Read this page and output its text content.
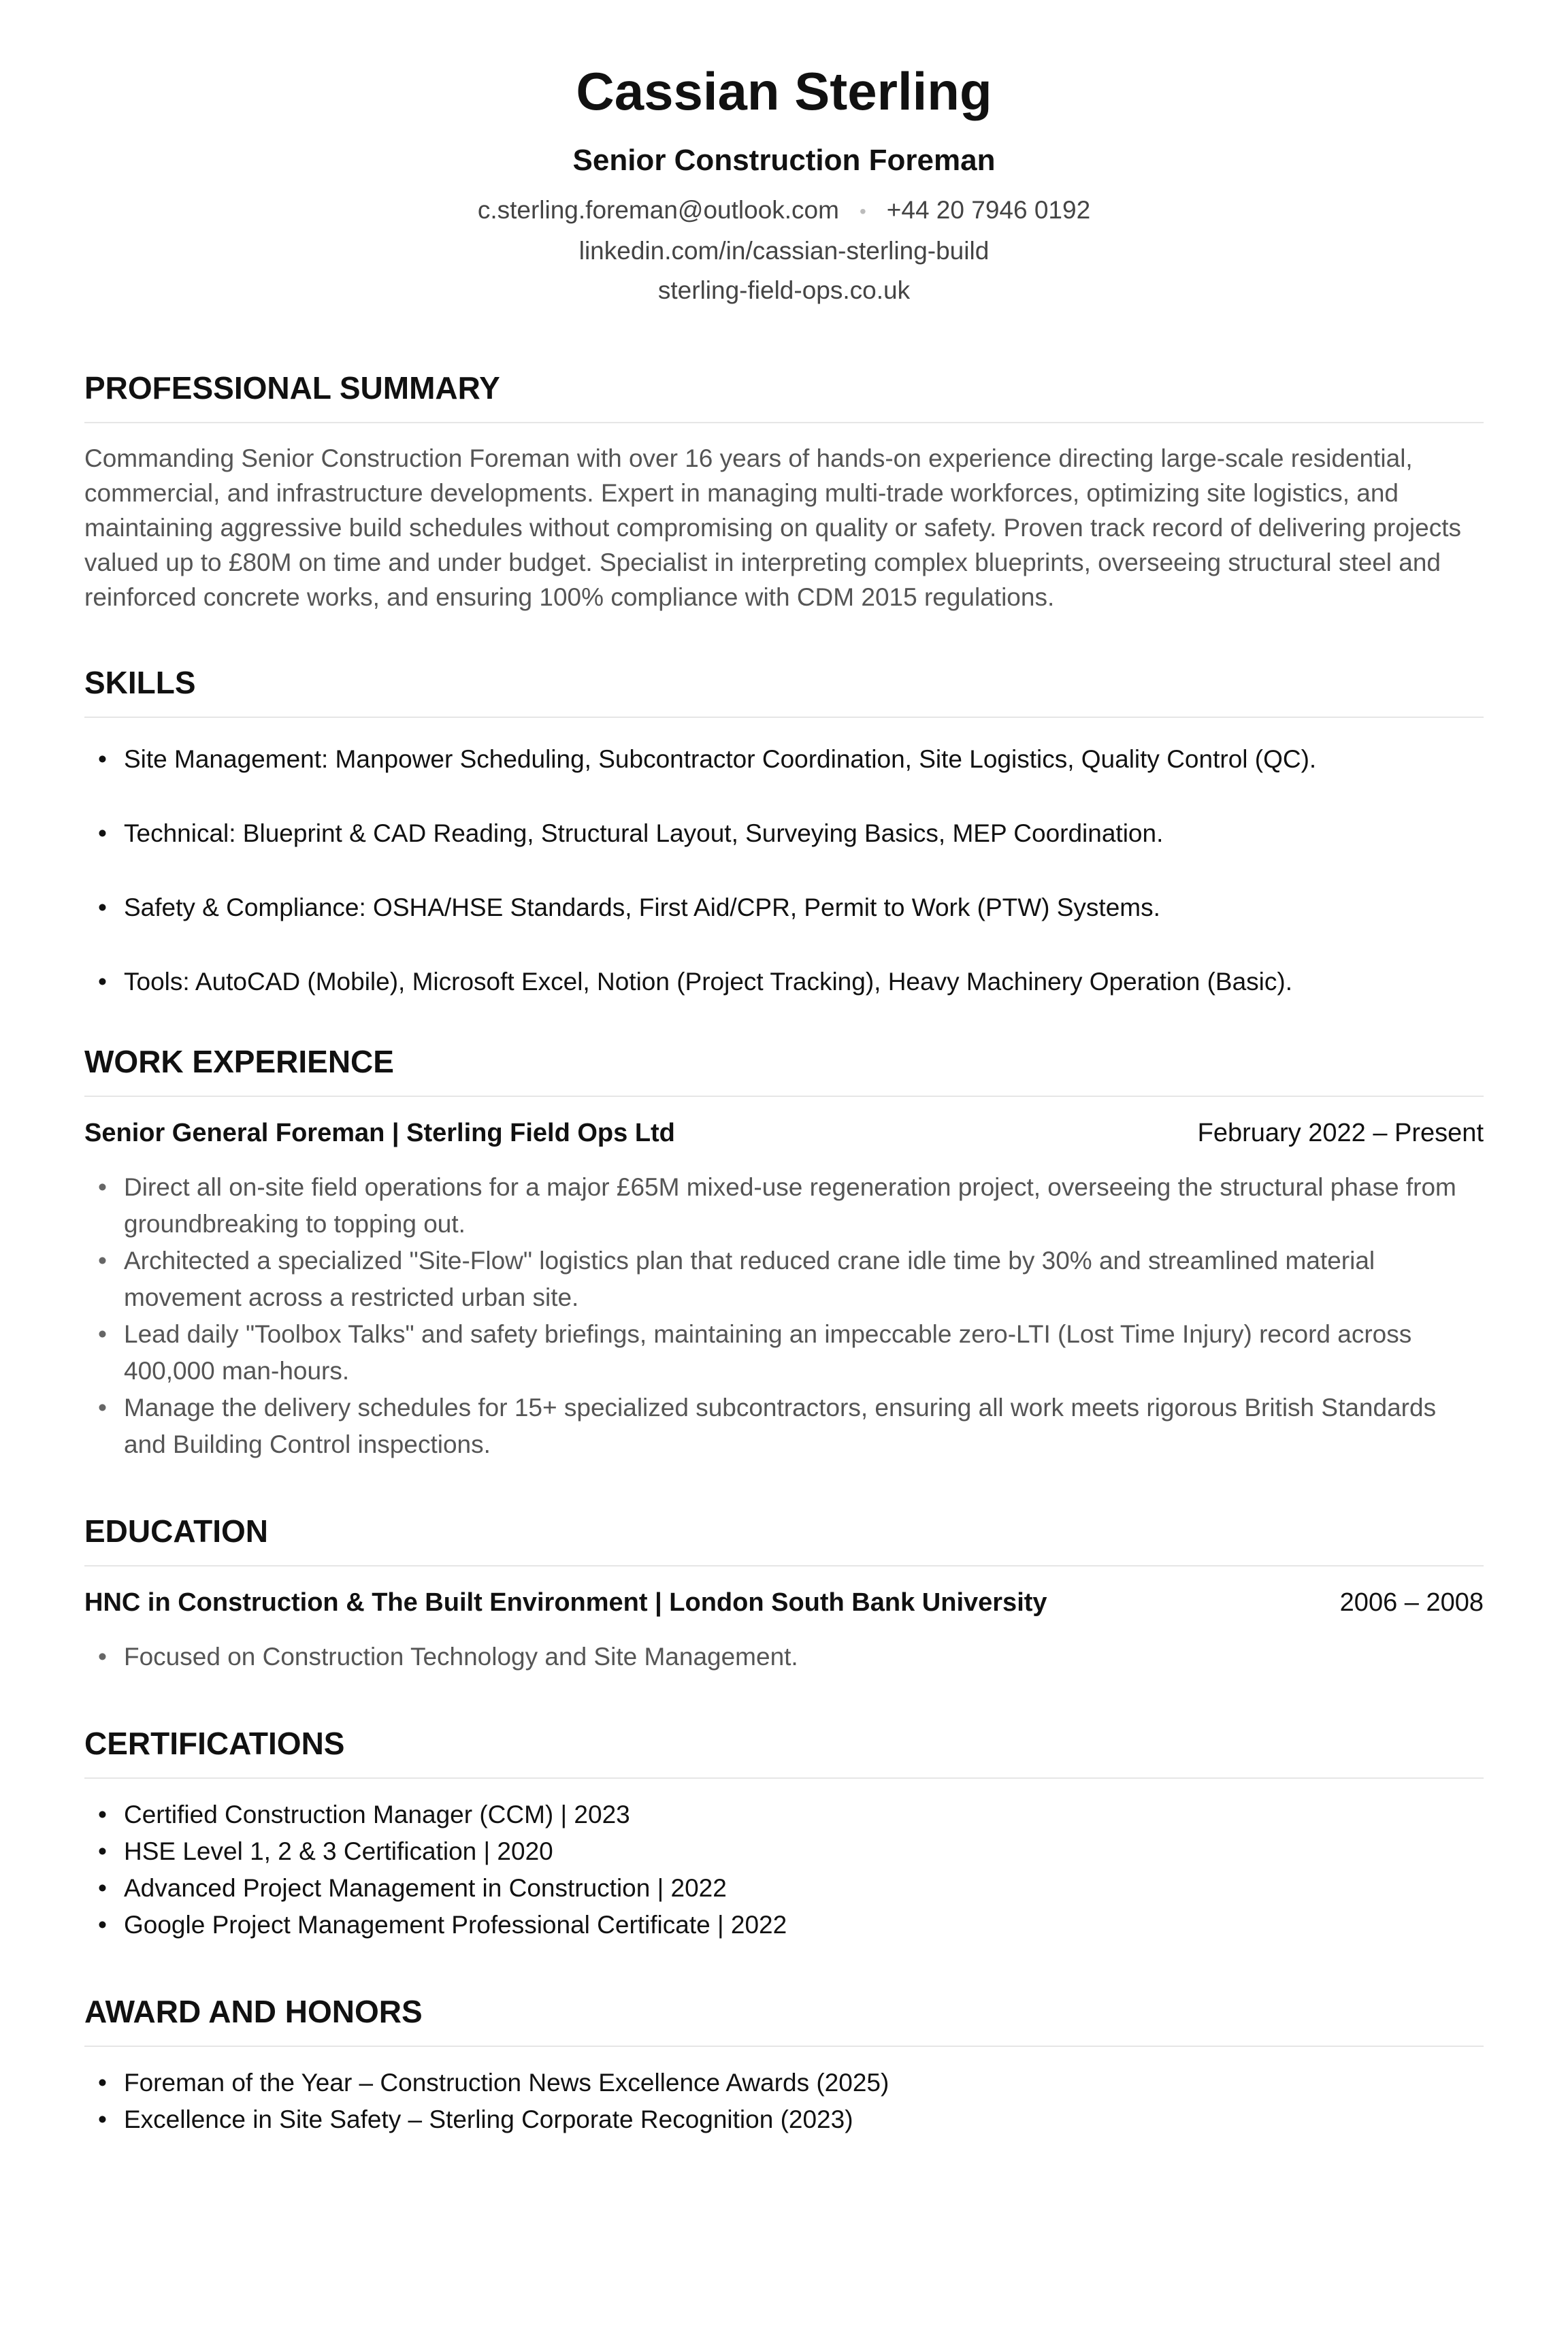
Cassian Sterling
Senior Construction Foreman
c.sterling.foreman@outlook.com • +44 20 7946 0192
linkedin.com/in/cassian-sterling-build
sterling-field-ops.co.uk
PROFESSIONAL SUMMARY

Commanding Senior Construction Foreman with over 16 years of hands-on experience directing large-scale residential, commercial, and infrastructure developments. Expert in managing multi-trade workforces, optimizing site logistics, and maintaining aggressive build schedules without compromising on quality or safety. Proven track record of delivering projects valued up to £80M on time and under budget. Specialist in interpreting complex blueprints, overseeing structural steel and reinforced concrete works, and ensuring 100% compliance with CDM 2015 regulations.

SKILLS
• Site Management: Manpower Scheduling, Subcontractor Coordination, Site Logistics, Quality Control (QC).
• Technical: Blueprint & CAD Reading, Structural Layout, Surveying Basics, MEP Coordination.
• Safety & Compliance: OSHA/HSE Standards, First Aid/CPR, Permit to Work (PTW) Systems.
• Tools: AutoCAD (Mobile), Microsoft Excel, Notion (Project Tracking), Heavy Machinery Operation (Basic).
WORK EXPERIENCE
Senior General Foreman | Sterling Field Ops Ltd	February 2022 – Present
• Direct all on-site field operations for a major £65M mixed-use regeneration project, overseeing the structural phase from groundbreaking to topping out.
• Architected a specialized "Site-Flow" logistics plan that reduced crane idle time by 30% and streamlined material movement across a restricted urban site.
• Lead daily "Toolbox Talks" and safety briefings, maintaining an impeccable zero-LTI (Lost Time Injury) record across 400,000 man-hours.
• Manage the delivery schedules for 15+ specialized subcontractors, ensuring all work meets rigorous British Standards and Building Control inspections.
EDUCATION
HNC in Construction & The Built Environment | London South Bank University	2006 – 2008
• Focused on Construction Technology and Site Management.
CERTIFICATIONS
• Certified Construction Manager (CCM) | 2023
• HSE Level 1, 2 & 3 Certification | 2020
• Advanced Project Management in Construction | 2022
• Google Project Management Professional Certificate | 2022
AWARD AND HONORS
• Foreman of the Year – Construction News Excellence Awards (2025)
• Excellence in Site Safety – Sterling Corporate Recognition (2023)
